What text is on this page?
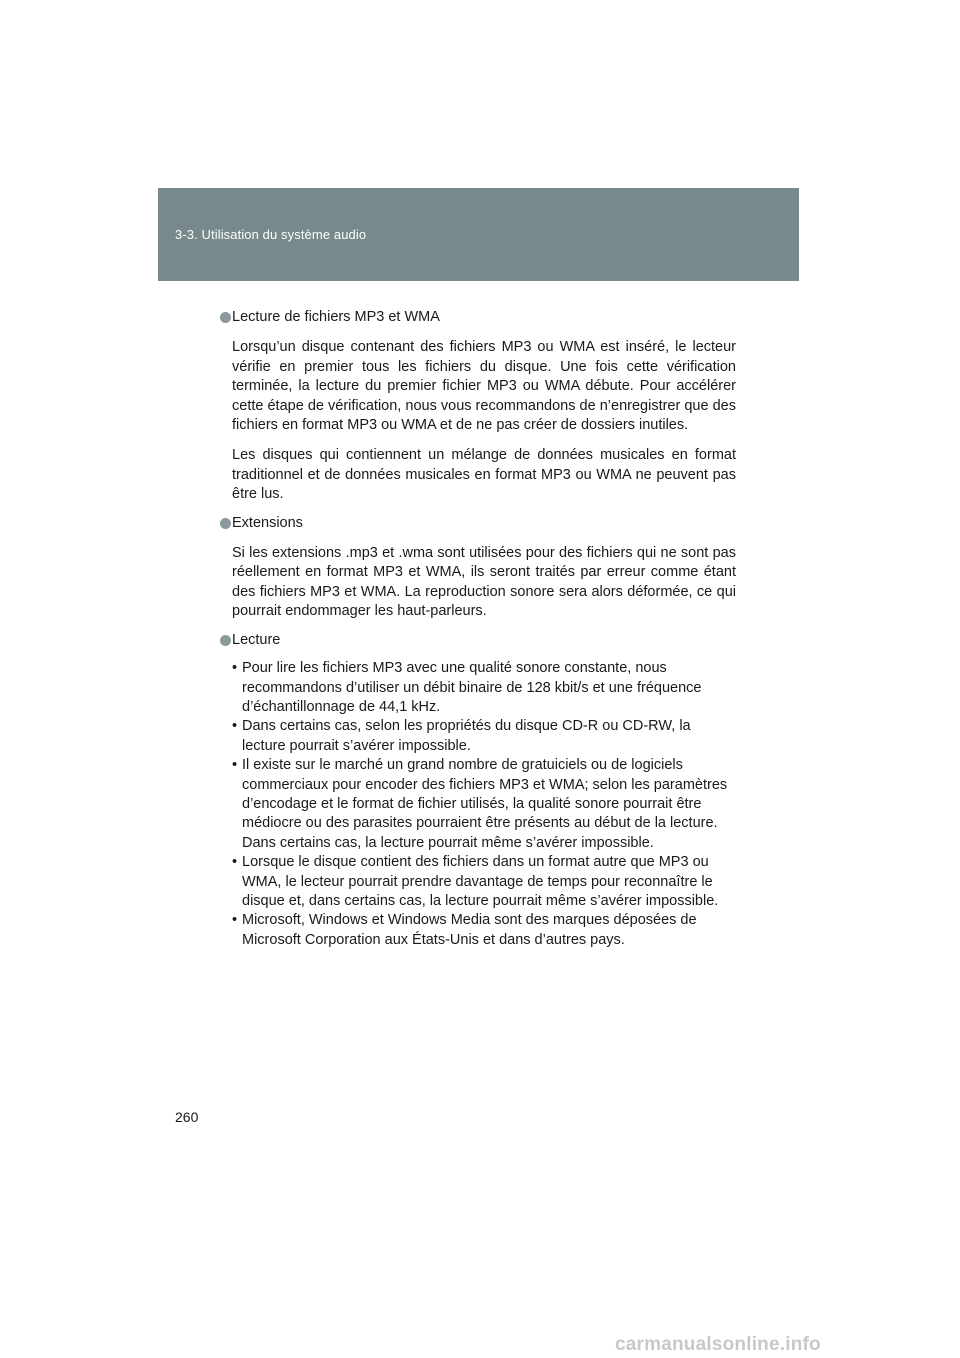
3-3. Utilisation du système audio
Lecture de fichiers MP3 et WMA

Lorsqu’un disque contenant des fichiers MP3 ou WMA est inséré, le lecteur vérifie en premier tous les fichiers du disque. Une fois cette vérification terminée, la lecture du premier fichier MP3 ou WMA débute. Pour accélérer cette étape de vérification, nous vous recommandons de n’enregistrer que des fichiers en format MP3 ou WMA et de ne pas créer de dossiers inutiles.

Les disques qui contiennent un mélange de données musicales en format traditionnel et de données musicales en format MP3 ou WMA ne peuvent pas être lus.

Extensions

Si les extensions .mp3 et .wma sont utilisées pour des fichiers qui ne sont pas réellement en format MP3 et WMA, ils seront traités par erreur comme étant des fichiers MP3 et WMA. La reproduction sonore sera alors déformée, ce qui pourrait endommager les haut-parleurs.

Lecture
• Pour lire les fichiers MP3 avec une qualité sonore constante, nous recommandons d’utiliser un débit binaire de 128 kbit/s et une fréquence d’échantillonnage de 44,1 kHz.
• Dans certains cas, selon les propriétés du disque CD-R ou CD-RW, la lecture pourrait s’avérer impossible.
• Il existe sur le marché un grand nombre de gratuiciels ou de logiciels commerciaux pour encoder des fichiers MP3 et WMA; selon les paramètres d’encodage et le format de fichier utilisés, la qualité sonore pourrait être médiocre ou des parasites pourraient être présents au début de la lecture. Dans certains cas, la lecture pourrait même s’avérer impossible.
• Lorsque le disque contient des fichiers dans un format autre que MP3 ou WMA, le lecteur pourrait prendre davantage de temps pour reconnaître le disque et, dans certains cas, la lecture pourrait même s’avérer impossible.
• Microsoft, Windows et Windows Media sont des marques déposées de Microsoft Corporation aux États-Unis et dans d’autres pays.
260
carmanualsonline.info
